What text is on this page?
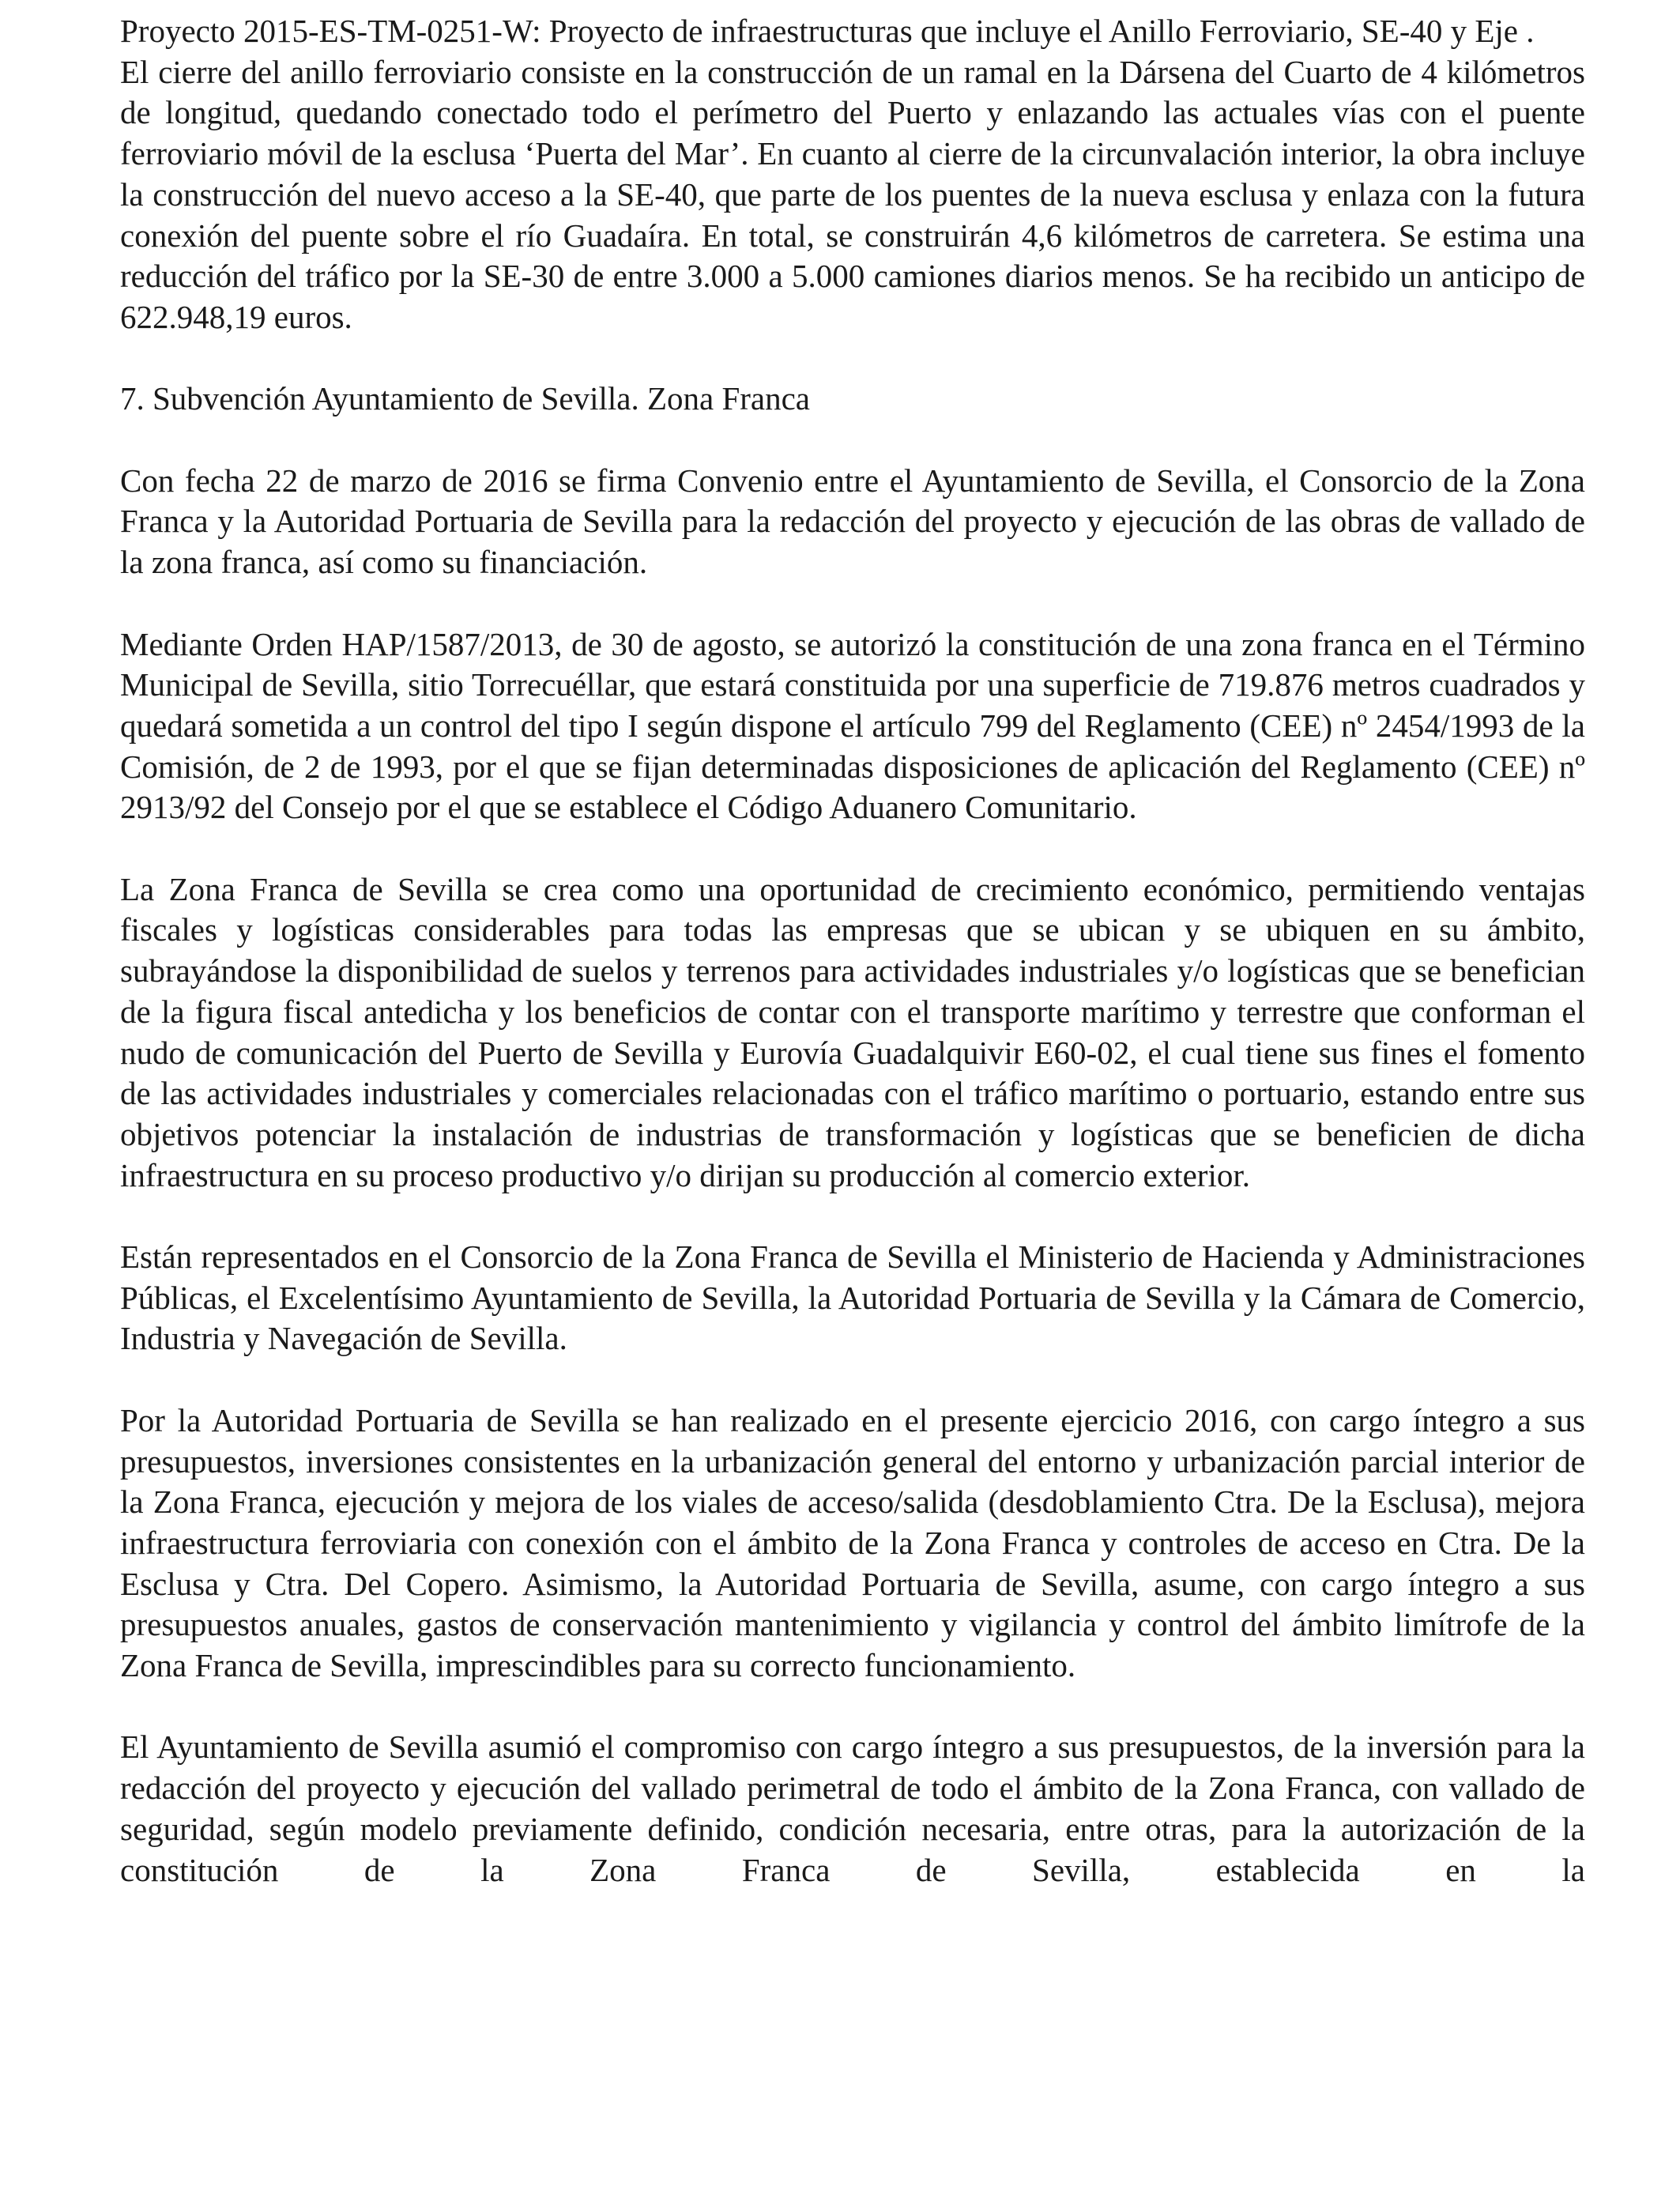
Proyecto 2015-ES-TM-0251-W: Proyecto de infraestructuras que incluye el Anillo Ferroviario, SE-40 y Eje .

El cierre del anillo ferroviario consiste en la construcción de un ramal en la Dársena del Cuarto de 4 kilómetros de longitud, quedando conectado todo el perímetro del Puerto y enlazando las actuales vías con el puente ferroviario móvil de la esclusa ‘Puerta del Mar’. En cuanto al cierre de la circunvalación interior, la obra incluye la construcción del nuevo acceso a la SE-40, que parte de los puentes de la nueva esclusa y enlaza con la futura conexión del puente sobre el río Guadaíra. En total, se construirán 4,6 kilómetros de carretera. Se estima una reducción del tráfico por la SE-30 de entre 3.000 a 5.000 camiones diarios menos. Se ha recibido un anticipo de 622.948,19 euros.

7. Subvención Ayuntamiento de Sevilla. Zona Franca

Con fecha 22 de marzo de 2016 se firma Convenio entre el Ayuntamiento de Sevilla, el Consorcio de la Zona Franca y la Autoridad Portuaria de Sevilla para la redacción del proyecto y ejecución de las obras de vallado de la zona franca, así como su financiación.

Mediante Orden HAP/1587/2013, de 30 de agosto, se autorizó la constitución de una zona franca en el Término Municipal de Sevilla, sitio Torrecuéllar, que estará constituida por una superficie de 719.876 metros cuadrados y quedará sometida a un control del tipo I según dispone el artículo 799 del Reglamento (CEE) nº 2454/1993 de la Comisión, de 2 de 1993, por el que se fijan determinadas disposiciones de aplicación del Reglamento (CEE) nº 2913/92 del Consejo por el que se establece el Código Aduanero Comunitario.

La Zona Franca de Sevilla se crea como una oportunidad de crecimiento económico, permitiendo ventajas fiscales y logísticas considerables para todas las empresas que se ubican y se ubiquen en su ámbito, subrayándose la disponibilidad de suelos y terrenos para actividades industriales y/o logísticas que se benefician de la figura fiscal antedicha y los beneficios de contar con el transporte marítimo y terrestre que conforman el nudo de comunicación del Puerto de Sevilla y Eurovía Guadalquivir E60-02, el cual tiene sus fines el fomento de las actividades industriales y comerciales relacionadas con el tráfico marítimo o portuario, estando entre sus objetivos potenciar la instalación de industrias de transformación y logísticas que se beneficien de dicha infraestructura en su proceso productivo y/o dirijan su producción al comercio exterior.

Están representados en el Consorcio de la Zona Franca de Sevilla el Ministerio de Hacienda y Administraciones Públicas, el Excelentísimo Ayuntamiento de Sevilla, la Autoridad Portuaria de Sevilla y la Cámara de Comercio, Industria y Navegación de Sevilla.

Por la Autoridad Portuaria de Sevilla se han realizado en el presente ejercicio 2016, con cargo íntegro a sus presupuestos, inversiones consistentes en la urbanización general del entorno y urbanización parcial interior de la Zona Franca, ejecución y mejora de los viales de acceso/salida (desdoblamiento Ctra. De la Esclusa), mejora infraestructura ferroviaria con conexión con el ámbito de la Zona Franca y controles de acceso en Ctra. De la Esclusa y Ctra. Del Copero. Asimismo, la Autoridad Portuaria de Sevilla, asume, con cargo íntegro a sus presupuestos anuales, gastos de conservación mantenimiento y vigilancia y control del ámbito limítrofe de la Zona Franca de Sevilla, imprescindibles para su correcto funcionamiento.

El Ayuntamiento de Sevilla asumió el compromiso con cargo íntegro a sus presupuestos, de la inversión para la redacción del proyecto y ejecución del vallado perimetral de todo el ámbito de la Zona Franca, con vallado de seguridad, según modelo previamente definido, condición necesaria, entre otras, para la autorización de la constitución de la Zona Franca de Sevilla, establecida en la
